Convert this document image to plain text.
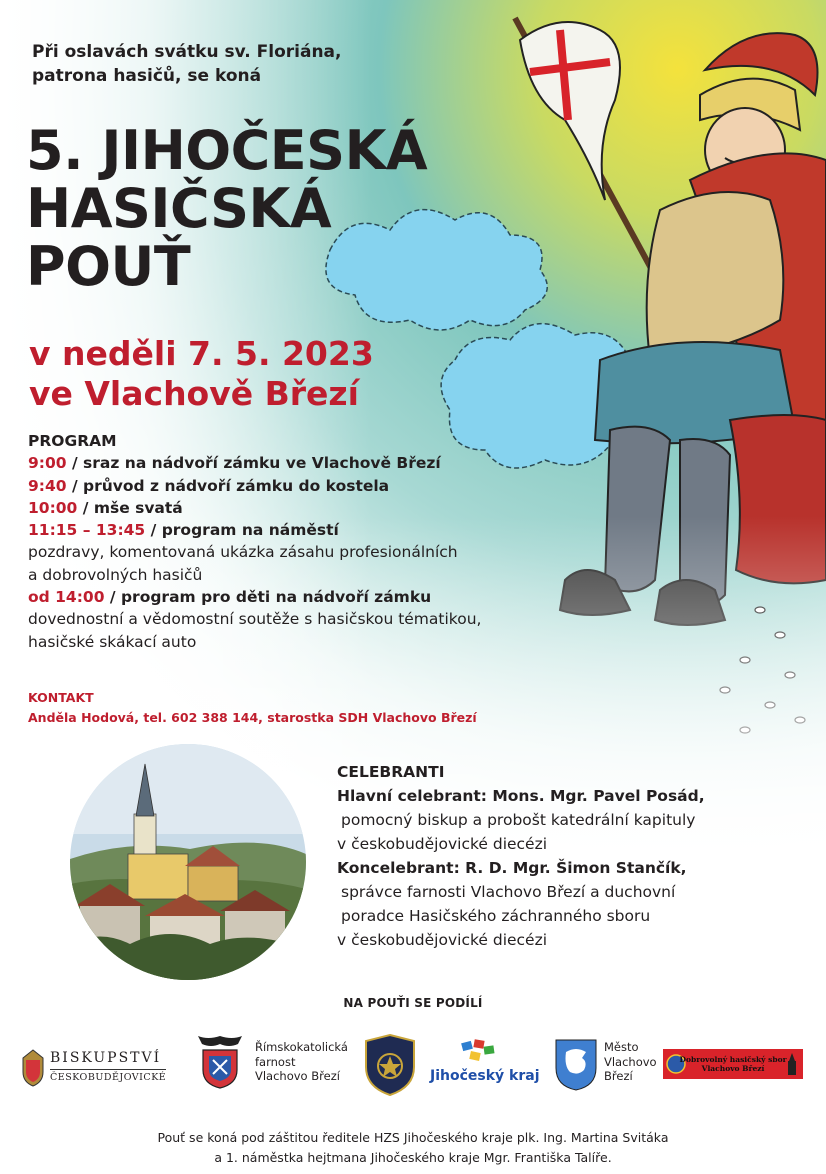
Při oslavách svátku sv. Floriána,
patrona hasičů, se koná
5. JIHOČESKÁ
HASIČSKÁ
POUŤ
v neděli 7. 5. 2023
ve Vlachově Březí
PROGRAM
9:00 / sraz na nádvoří zámku ve Vlachově Březí
9:40 / průvod z nádvoří zámku do kostela
10:00 / mše svatá
11:15 – 13:45 / program na náměstí
pozdravy, komentovaná ukázka zásahu profesionálních
a dobrovolných hasičů
od 14:00 / program pro děti na nádvoří zámku
dovednostní a vědomostní soutěže s hasičskou tématikou,
hasičské skákací auto
KONTAKT
Anděla Hodová, tel. 602 388 144, starostka SDH Vlachovo Březí
CELEBRANTI
Hlavní celebrant: Mons. Mgr. Pavel Posád,
pomocný biskup a probošt katedrální kapituly
v českobudějovické diecézi
Koncelebrant: R. D. Mgr. Šimon Stančík,
správce farnosti Vlachovo Březí a duchovní
poradce Hasičského záchranného sboru
v českobudějovické diecézi
NA POUŤI SE PODÍLÍ
BISKUPSTVÍ
ČESKOBUDĚJOVICKÉ
Římskokatolická
farnost
Vlachovo Březí	Jihočeský kraj
Město
Vlachovo
Březí
Dobrovolný hasičský sbor
Vlachovo Březí
Pouť se koná pod záštitou ředitele HZS Jihočeského kraje plk. Ing. Martina Svitáka
a 1. náměstka hejtmana Jihočeského kraje Mgr. Františka Talíře.
